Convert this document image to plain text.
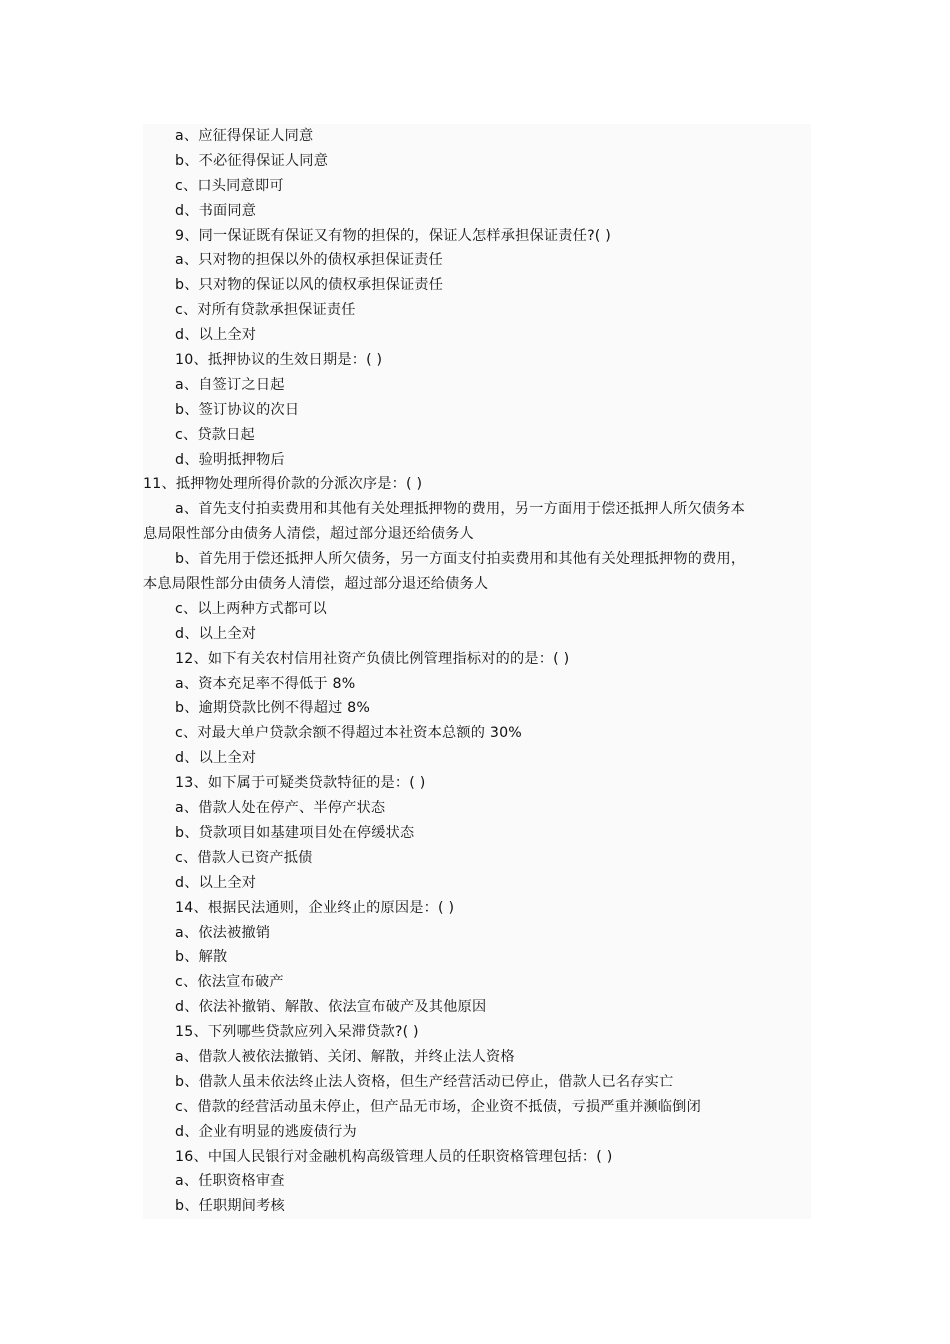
a、应征得保证人同意
b、不必征得保证人同意
c、口头同意即可
d、书面同意
9、同一保证既有保证又有物的担保的，保证人怎样承担保证责任?( )
a、只对物的担保以外的债权承担保证责任
b、只对物的保证以风的债权承担保证责任
c、对所有贷款承担保证责任
d、以上全对
10、抵押协议的生效日期是：( )
a、自签订之日起
b、签订协议的次日
c、贷款日起
d、验明抵押物后
11、抵押物处理所得价款的分派次序是：( )
a、首先支付拍卖费用和其他有关处理抵押物的费用，另一方面用于偿还抵押人所欠债务本
息局限性部分由债务人清偿，超过部分退还给债务人
b、首先用于偿还抵押人所欠债务，另一方面支付拍卖费用和其他有关处理抵押物的费用，
本息局限性部分由债务人清偿，超过部分退还给债务人
c、以上两种方式都可以
d、以上全对
12、如下有关农村信用社资产负债比例管理指标对的的是：( )
a、资本充足率不得低于 8%
b、逾期贷款比例不得超过 8%
c、对最大单户贷款余额不得超过本社资本总额的 30%
d、以上全对
13、如下属于可疑类贷款特征的是：( )
a、借款人处在停产、半停产状态
b、贷款项目如基建项目处在停缓状态
c、借款人已资产抵债
d、以上全对
14、根据民法通则，企业终止的原因是：( )
a、依法被撤销
b、解散
c、依法宣布破产
d、依法补撤销、解散、依法宣布破产及其他原因
15、下列哪些贷款应列入呆滞贷款?( )
a、借款人被依法撤销、关闭、解散，并终止法人资格
b、借款人虽未依法终止法人资格，但生产经营活动已停止，借款人已名存实亡
c、借款的经营活动虽未停止，但产品无市场，企业资不抵债，亏损严重并濒临倒闭
d、企业有明显的逃废债行为
16、中国人民银行对金融机构高级管理人员的任职资格管理包括：( )
a、任职资格审查
b、任职期间考核
